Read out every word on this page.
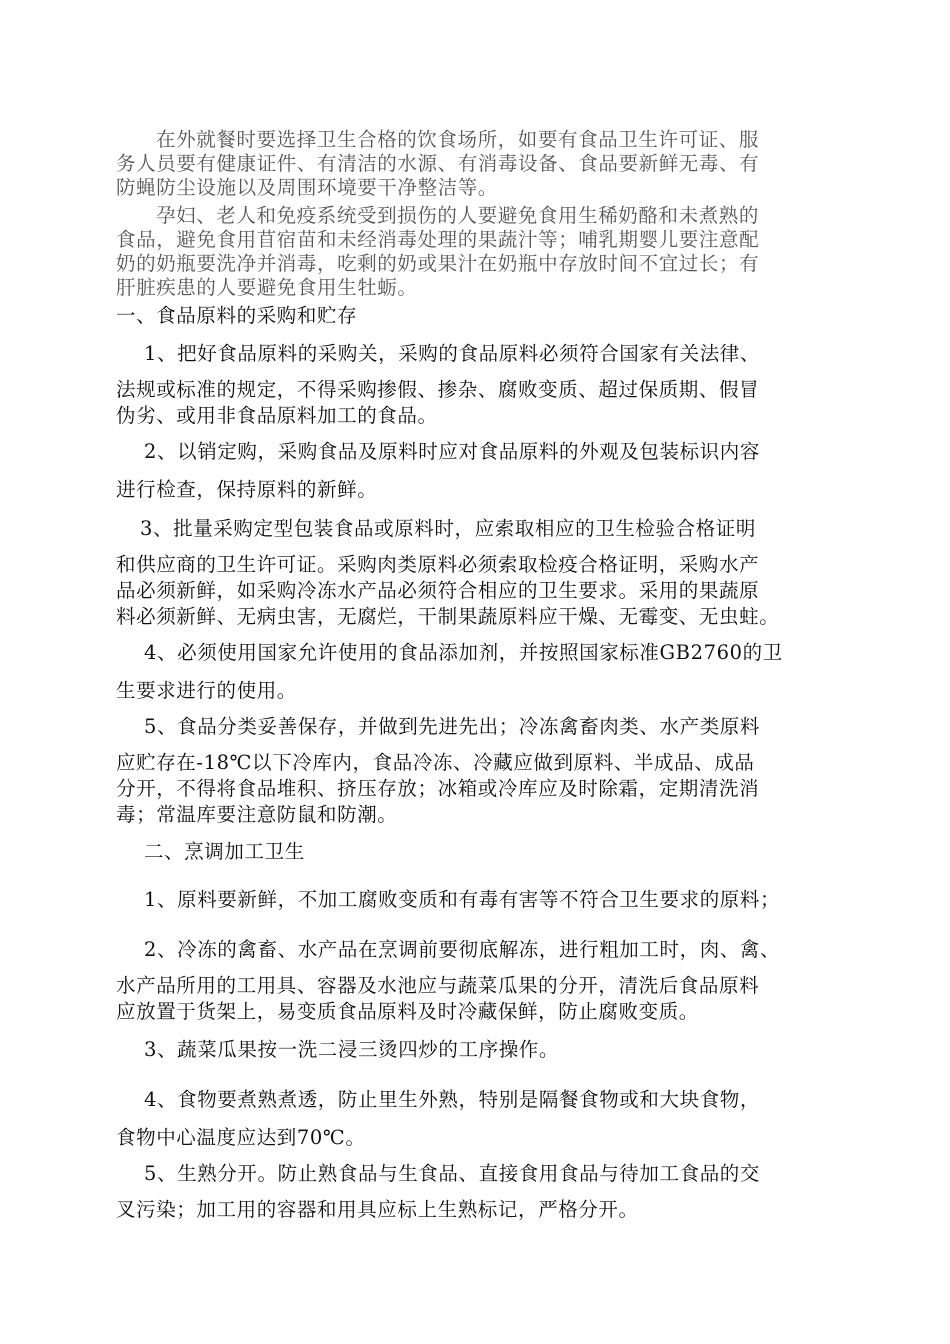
在外就餐时要选择卫生合格的饮食场所，如要有食品卫生许可证、服
务人员要有健康证件、有清洁的水源、有消毒设备、食品要新鲜无毒、有
防蝇防尘设施以及周围环境要干净整洁等。
孕妇、老人和免疫系统受到损伤的人要避免食用生稀奶酪和未煮熟的
食品，避免食用苜宿苗和未经消毒处理的果蔬汁等；哺乳期婴儿要注意配
奶的奶瓶要洗净并消毒，吃剩的奶或果汁在奶瓶中存放时间不宜过长；有
肝脏疾患的人要避免食用生牡蛎。
一、食品原料的采购和贮存
1、把好食品原料的采购关，采购的食品原料必须符合国家有关法律、
法规或标准的规定，不得采购掺假、掺杂、腐败变质、超过保质期、假冒
伪劣、或用非食品原料加工的食品。
2、以销定购，采购食品及原料时应对食品原料的外观及包装标识内容
进行检查，保持原料的新鲜。
3、批量采购定型包装食品或原料时，应索取相应的卫生检验合格证明
和供应商的卫生许可证。采购肉类原料必须索取检疫合格证明，采购水产
品必须新鲜，如采购冷冻水产品必须符合相应的卫生要求。采用的果蔬原
料必须新鲜、无病虫害，无腐烂，干制果蔬原料应干燥、无霉变、无虫蛀。
4、必须使用国家允许使用的食品添加剂，并按照国家标准GB2760的卫
生要求进行的使用。
5、食品分类妥善保存，并做到先进先出；冷冻禽畜肉类、水产类原料
应贮存在-18℃以下冷库内，食品冷冻、冷藏应做到原料、半成品、成品
分开，不得将食品堆积、挤压存放；冰箱或冷库应及时除霜，定期清洗消
毒；常温库要注意防鼠和防潮。
二、烹调加工卫生
1、原料要新鲜，不加工腐败变质和有毒有害等不符合卫生要求的原料；
2、冷冻的禽畜、水产品在烹调前要彻底解冻，进行粗加工时，肉、禽、
水产品所用的工用具、容器及水池应与蔬菜瓜果的分开，清洗后食品原料
应放置于货架上，易变质食品原料及时冷藏保鲜，防止腐败变质。
3、蔬菜瓜果按一洗二浸三烫四炒的工序操作。
4、食物要煮熟煮透，防止里生外熟，特别是隔餐食物或和大块食物，
食物中心温度应达到70℃。
5、生熟分开。防止熟食品与生食品、直接食用食品与待加工食品的交
叉污染；加工用的容器和用具应标上生熟标记，严格分开。
